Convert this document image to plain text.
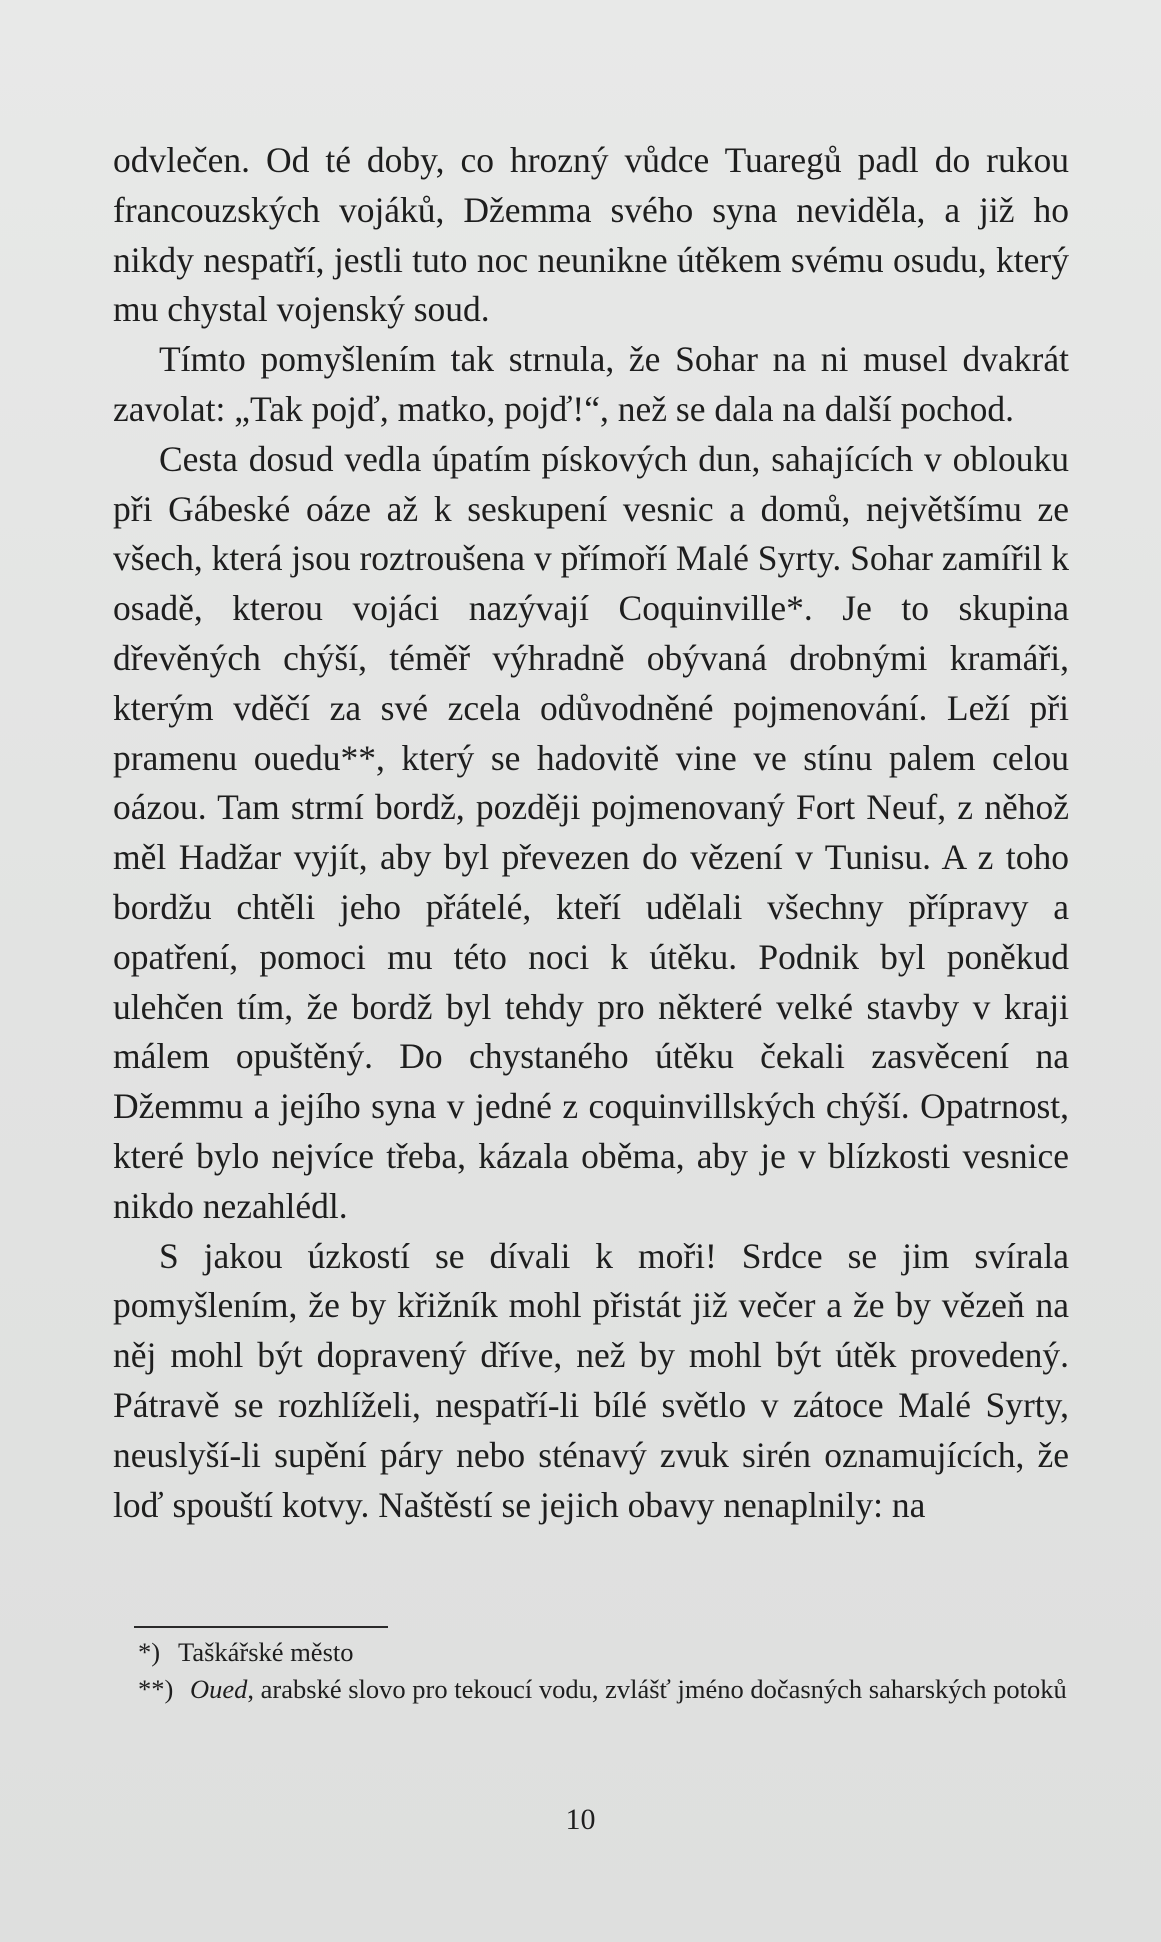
odvlečen. Od té doby, co hrozný vůdce Tuaregů padl do rukou francouzských vojáků, Džemma svého syna neviděla, a již ho nikdy nespatří, jestli tuto noc neunikne útěkem svému osudu, který mu chystal vojenský soud.

Tímto pomyšlením tak strnula, že Sohar na ni musel dvakrát zavolat: „Tak pojď, matko, pojď!“, než se dala na další pochod.

Cesta dosud vedla úpatím pískových dun, sahajících v oblouku při Gábeské oáze až k seskupení vesnic a domů, největšímu ze všech, která jsou roztroušena v přímoří Malé Syrty. Sohar zamířil k osadě, kterou vojáci nazývají Coquinville*. Je to skupina dřevěných chýší, téměř výhradně obývaná drobnými kramáři, kterým vděčí za své zcela odůvodněné pojmenování. Leží při pramenu ouedu**, který se hadovitě vine ve stínu palem celou oázou. Tam strmí bordž, později pojmenovaný Fort Neuf, z něhož měl Hadžar vyjít, aby byl převezen do vězení v Tunisu. A z toho bordžu chtěli jeho přátelé, kteří udělali všechny přípravy a opatření, pomoci mu této noci k útěku. Podnik byl poněkud ulehčen tím, že bordž byl tehdy pro některé velké stavby v kraji málem opuštěný. Do chystaného útěku čekali zasvěcení na Džemmu a jejího syna v jedné z coquinvillských chýší. Opatrnost, které bylo nejvíce třeba, kázala oběma, aby je v blízkosti vesnice nikdo nezahlédl.

S jakou úzkostí se dívali k moři! Srdce se jim svírala pomyšlením, že by křižník mohl přistát již večer a že by vězeň na něj mohl být dopravený dříve, než by mohl být útěk provedený. Pátravě se rozhlíželi, nespatří-li bílé světlo v zátoce Malé Syrty, neuslyší-li supění páry nebo sténavý zvuk sirén oznamujících, že loď spouští kotvy. Naštěstí se jejich obavy nenaplnily: na

*) Taškářské město

**) Oued, arabské slovo pro tekoucí vodu, zvlášť jméno dočasných saharských potoků

10
